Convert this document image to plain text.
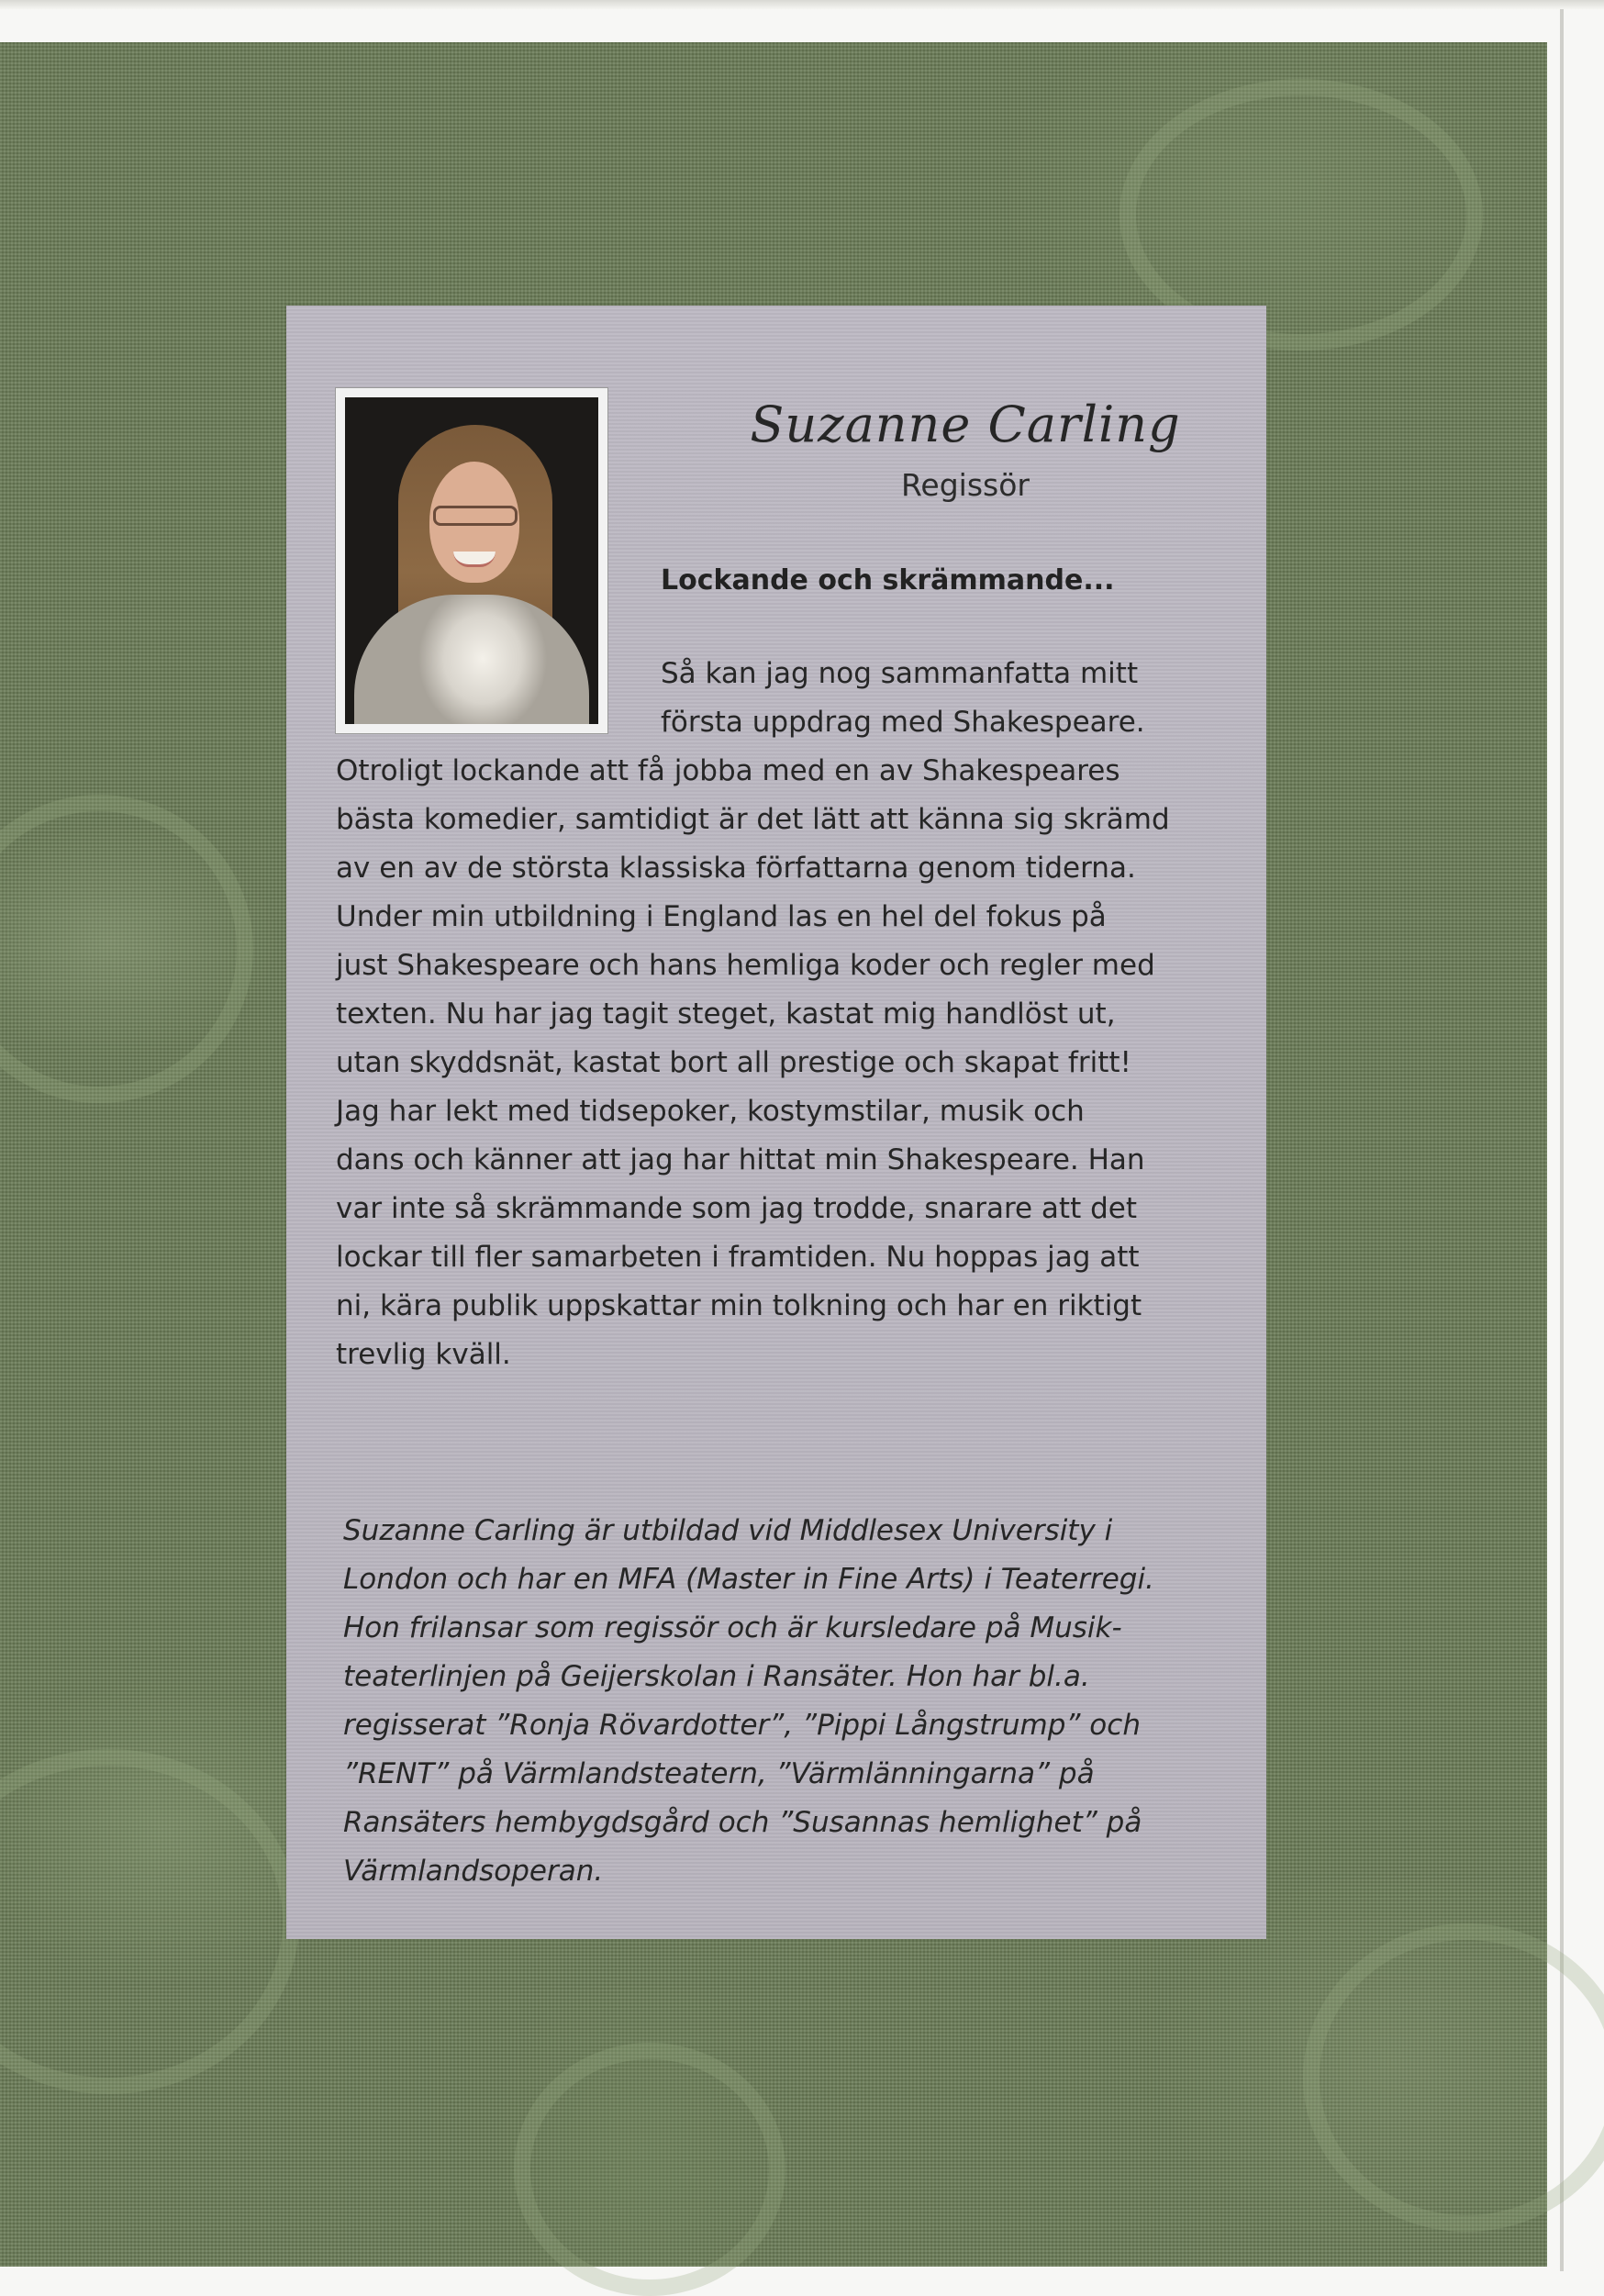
Suzanne Carling
Regissör
Lockande och skrämmande...
Så kan jag nog sammanfatta mitt
första uppdrag med Shakespeare.
Otroligt lockande att få jobba med en av Shakespeares
bästa komedier, samtidigt är det lätt att känna sig skrämd
av en av de största klassiska författarna genom tiderna.
Under min utbildning i England las en hel del fokus på
just Shakespeare och hans hemliga koder och regler med
texten. Nu har jag tagit steget, kastat mig handlöst ut,
utan skyddsnät, kastat bort all prestige och skapat fritt!
Jag har lekt med tidsepoker, kostymstilar, musik och
dans och känner att jag har hittat min Shakespeare. Han
var inte så skrämmande som jag trodde, snarare att det
lockar till fler samarbeten i framtiden. Nu hoppas jag att
ni, kära publik uppskattar min tolkning och har en riktigt
trevlig kväll.
Suzanne Carling är utbildad vid Middlesex University i
London och har en MFA (Master in Fine Arts) i Teaterregi.
Hon frilansar som regissör och är kursledare på Musik-
teaterlinjen på Geijerskolan i Ransäter. Hon har bl.a.
regisserat ”Ronja Rövardotter”, ”Pippi Långstrump” och
”RENT” på Värmlandsteatern, ”Värmlänningarna” på
Ransäters hembygdsgård och ”Susannas hemlighet” på
Värmlandsoperan.
